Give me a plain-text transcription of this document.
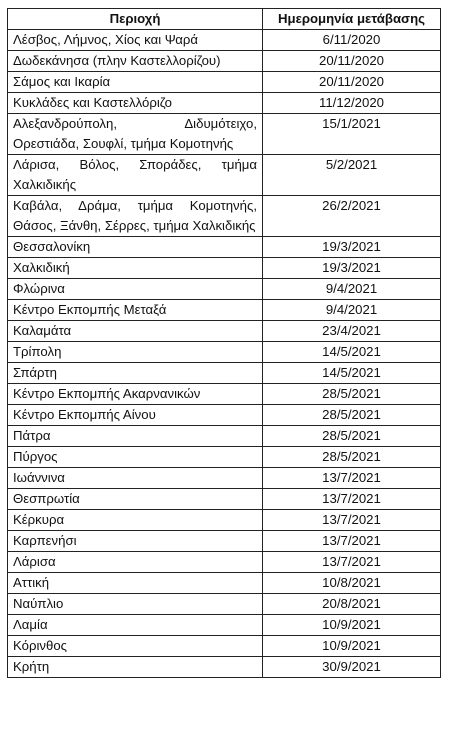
Περιοχή	Ημερομηνία μετάβασης
Λέσβος, Λήμνος, Χίος και Ψαρά	6/11/2020
Δωδεκάνησα (πλην Καστελλορίζου)	20/11/2020
Σάμος και Ικαρία	20/11/2020
Κυκλάδες και Καστελλόριζο	11/12/2020
Αλεξανδρούπολη, Διδυμότειχο, Ορεστιάδα, Σουφλί, τμήμα Κομοτηνής	15/1/2021
Λάρισα, Βόλος, Σποράδες, τμήμα Χαλκιδικής	5/2/2021
Καβάλα, Δράμα, τμήμα Κομοτηνής, Θάσος, Ξάνθη, Σέρρες, τμήμα Χαλκιδικής	26/2/2021
Θεσσαλονίκη	19/3/2021
Χαλκιδική	19/3/2021
Φλώρινα	9/4/2021
Κέντρο Εκπομπής Μεταξά	9/4/2021
Καλαμάτα	23/4/2021
Τρίπολη	14/5/2021
Σπάρτη	14/5/2021
Κέντρο Εκπομπής Ακαρνανικών	28/5/2021
Κέντρο Εκπομπής Αίνου	28/5/2021
Πάτρα	28/5/2021
Πύργος	28/5/2021
Ιωάννινα	13/7/2021
Θεσπρωτία	13/7/2021
Κέρκυρα	13/7/2021
Καρπενήσι	13/7/2021
Λάρισα	13/7/2021
Αττική	10/8/2021
Ναύπλιο	20/8/2021
Λαμία	10/9/2021
Κόρινθος	10/9/2021
Κρήτη	30/9/2021
